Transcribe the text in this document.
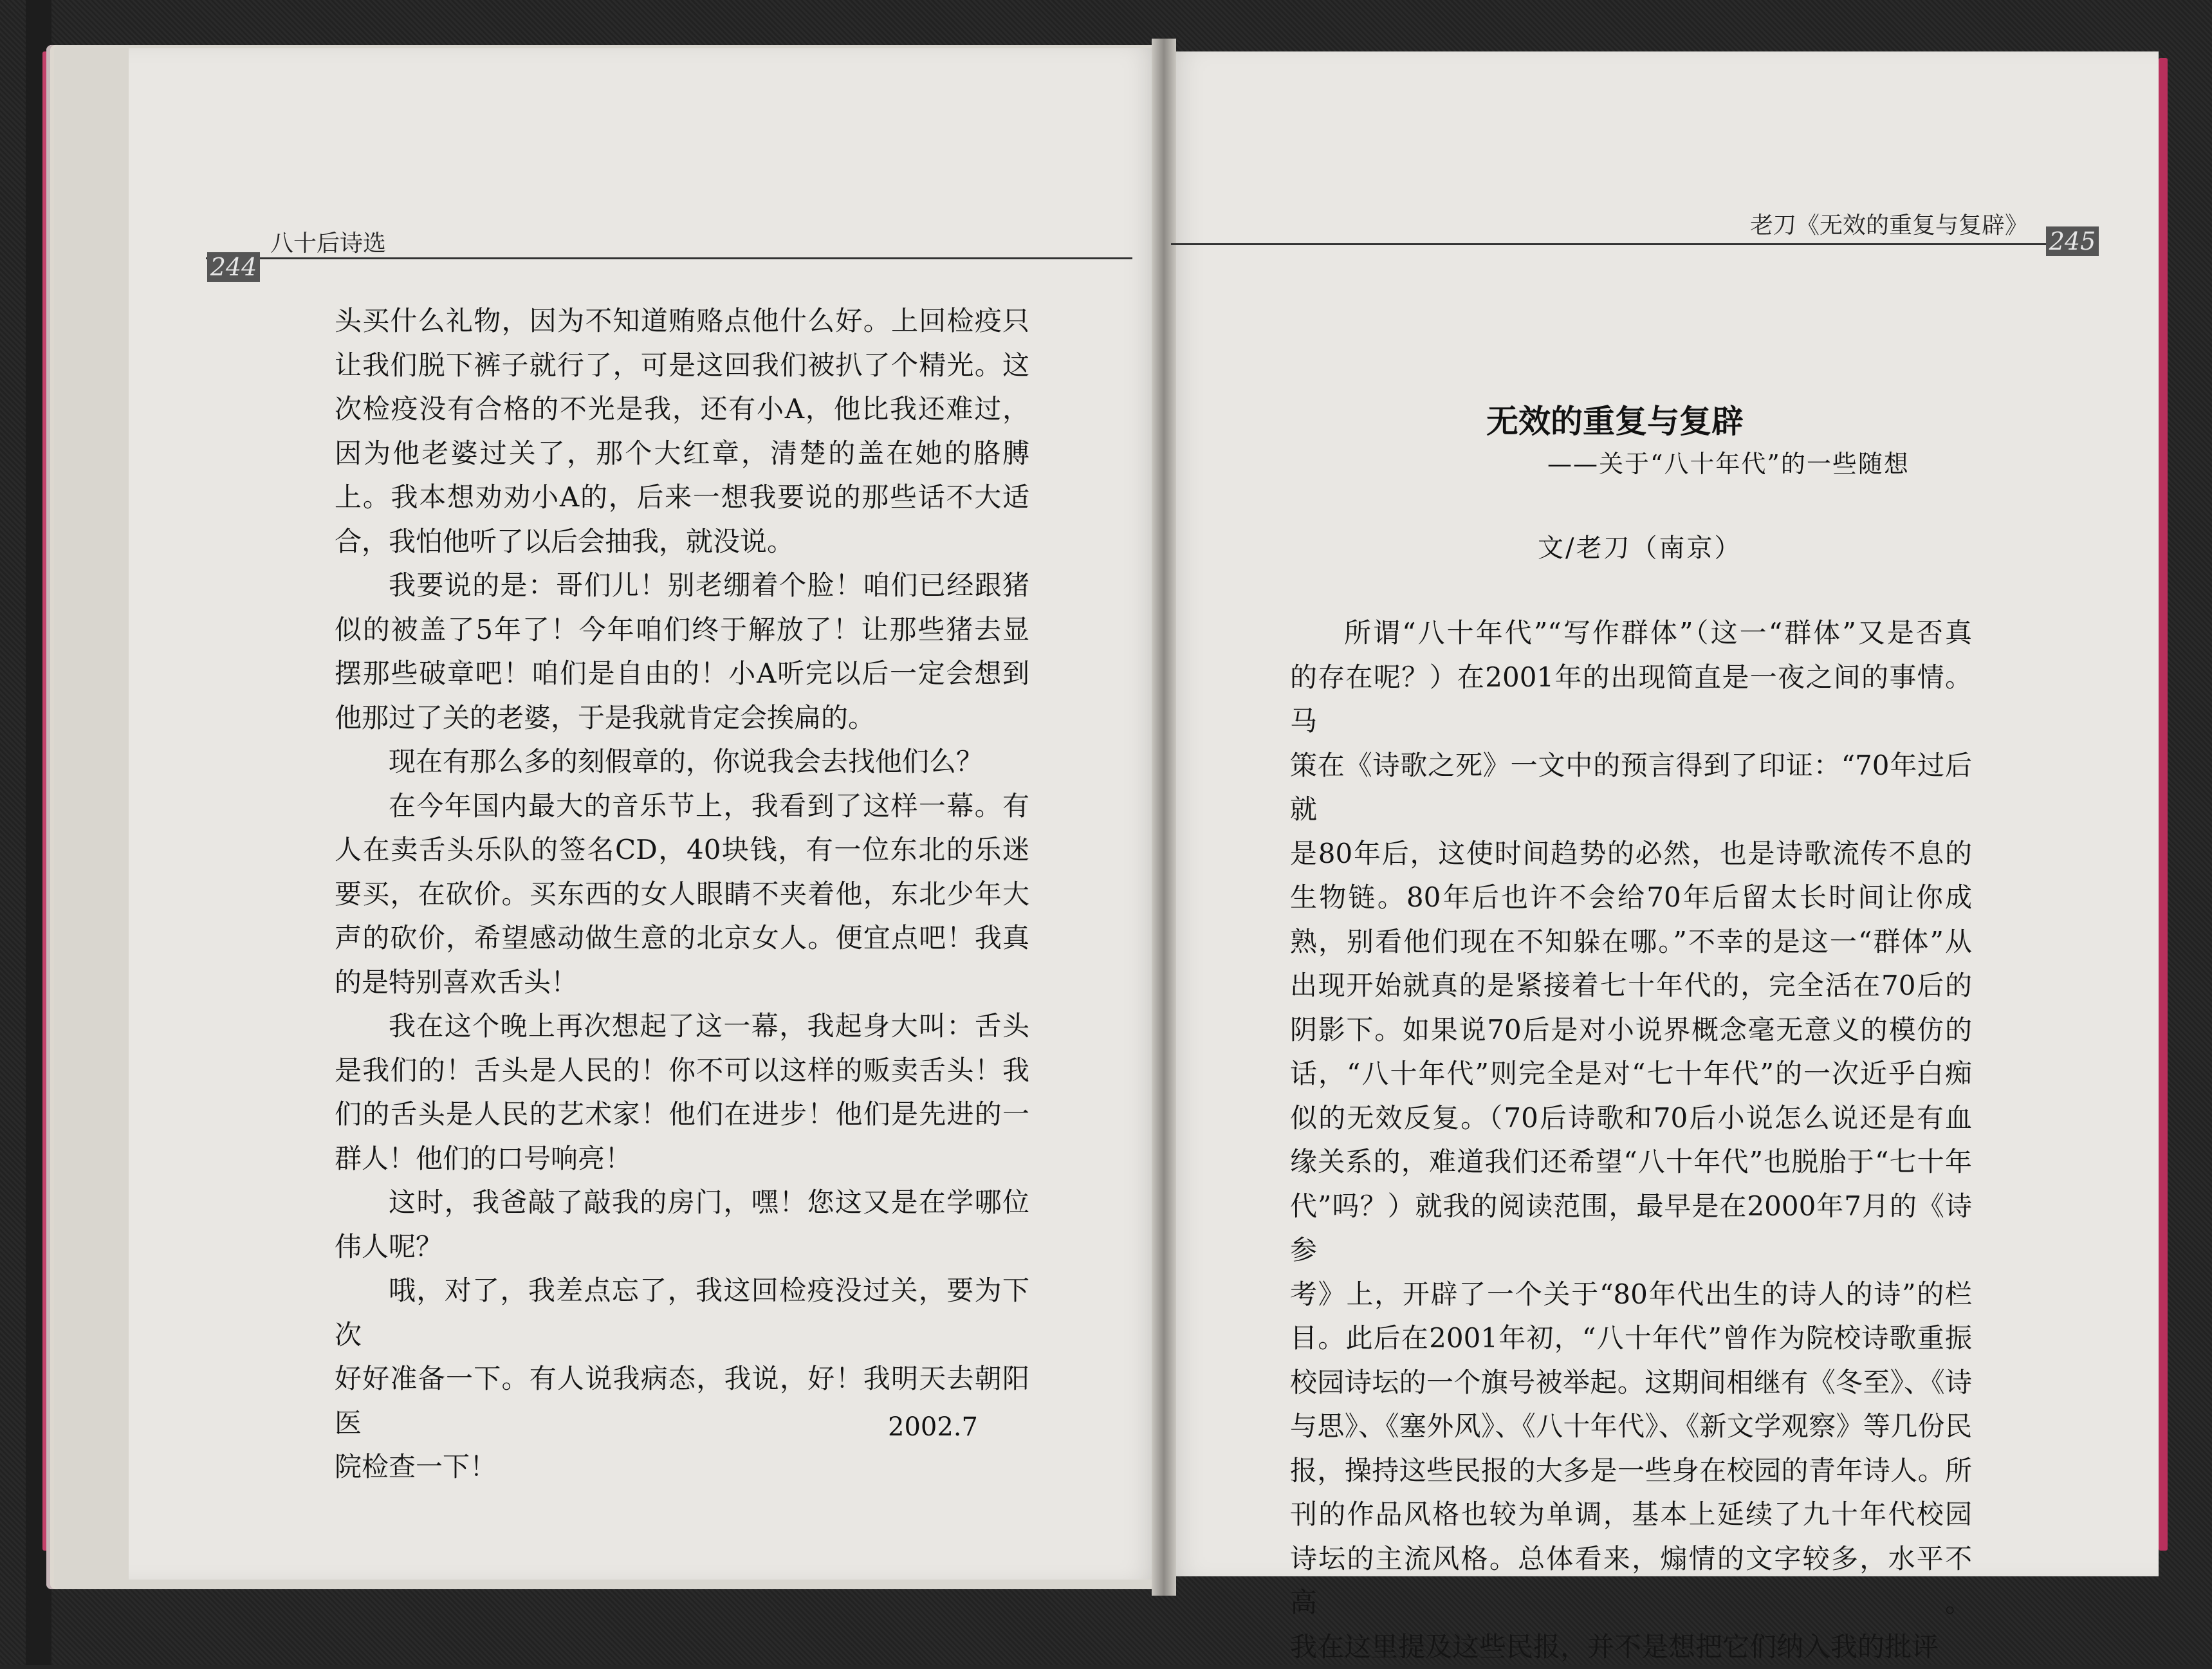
244
八十后诗选	245
老刀《无效的重复与复辟》

头买什么礼物，因为不知道贿赂点他什么好。上回检疫只

让我们脱下裤子就行了，可是这回我们被扒了个精光。这

次检疫没有合格的不光是我，还有小A，他比我还难过，

因为他老婆过关了，那个大红章，清楚的盖在她的胳膊

上。我本想劝劝小A的，后来一想我要说的那些话不大适

合，我怕他听了以后会抽我，就没说。

我要说的是：哥们儿！别老绷着个脸！咱们已经跟猪

似的被盖了5年了！今年咱们终于解放了！让那些猪去显

摆那些破章吧！咱们是自由的！小A听完以后一定会想到

他那过了关的老婆，于是我就肯定会挨扁的。

现在有那么多的刻假章的，你说我会去找他们么？

在今年国内最大的音乐节上，我看到了这样一幕。有

人在卖舌头乐队的签名CD，40块钱，有一位东北的乐迷

要买，在砍价。买东西的女人眼睛不夹着他，东北少年大

声的砍价，希望感动做生意的北京女人。便宜点吧！我真

的是特别喜欢舌头！

我在这个晚上再次想起了这一幕，我起身大叫：舌头

是我们的！舌头是人民的！你不可以这样的贩卖舌头！我

们的舌头是人民的艺术家！他们在进步！他们是先进的一

群人！他们的口号响亮！

这时，我爸敲了敲我的房门，嘿！您这又是在学哪位

伟人呢？

哦，对了，我差点忘了，我这回检疫没过关，要为下次

好好准备一下。有人说我病态，我说，好！我明天去朝阳医

院检查一下！

2002.7
无效的重复与复辟
——关于“八十年代”的一些随想
文/老刀（南京）

所谓“八十年代”“写作群体”（这一“群体”又是否真

的存在呢？）在2001年的出现简直是一夜之间的事情。马

策在《诗歌之死》一文中的预言得到了印证：“70年过后就

是80年后，这使时间趋势的必然，也是诗歌流传不息的

生物链。80年后也许不会给70年后留太长时间让你成

熟，别看他们现在不知躲在哪。”不幸的是这一“群体”从

出现开始就真的是紧接着七十年代的，完全活在70后的

阴影下。如果说70后是对小说界概念毫无意义的模仿的

话，“八十年代”则完全是对“七十年代”的一次近乎白痴

似的无效反复。（70后诗歌和70后小说怎么说还是有血

缘关系的，难道我们还希望“八十年代”也脱胎于“七十年

代”吗？）就我的阅读范围，最早是在2000年7月的《诗参

考》上，开辟了一个关于“80年代出生的诗人的诗”的栏

目。此后在2001年初，“八十年代”曾作为院校诗歌重振

校园诗坛的一个旗号被举起。这期间相继有《冬至》、《诗

与思》、《塞外风》、《八十年代》、《新文学观察》等几份民

报，操持这些民报的大多是一些身在校园的青年诗人。所

刊的作品风格也较为单调，基本上延续了九十年代校园

诗坛的主流风格。总体看来，煽情的文字较多，水平不高。

我在这里提及这些民报，并不是想把它们纳入我的批评
